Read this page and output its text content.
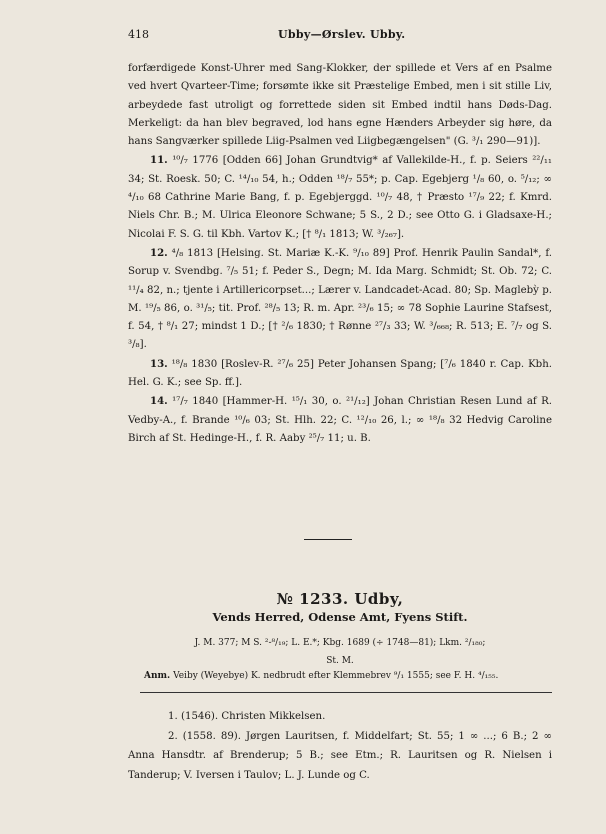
418	Ubby—Ørslev. Ubby.

forfærdigede Konst-Uhrer med Sang-Klokker, der spillede et Vers af en Psalme ved hvert Qvarteer-Time; forsømte ikke sit Præstelige Embed, men i sit stille Liv, arbeydede fast utroligt og forrettede siden sit Embed indtil hans Døds-Dag. Merkeligt: da han blev begraved, lod hans egne Hænders Arbeyder sig høre, da hans Sangværker spillede Liig-Psalmen ved Liigbegængelsen" (G. ³/₁ 290—91)].

11. ¹⁰/₇ 1776 [Odden 66] Johan Grundtvig* af Vallekilde-H., f. p. Seiers ²²/₁₁ 34; St. Roesk. 50; C. ¹⁴/₁₀ 54, h.; Odden ¹⁸/₇ 55*; p. Cap. Egebjerg ¹/₈ 60, o. ⁵/₁₂; ∞ ⁴/₁₀ 68 Cathrine Marie Bang, f. p. Egebjerggd. ¹⁰/₇ 48, † Præsto ¹⁷/₉ 22; f. Kmrd. Niels Chr. B.; M. Ulrica Eleonore Schwane; 5 S., 2 D.; see Otto G. i Gladsaxe-H.; Nicolai F. S. G. til Kbh. Vartov K.; [† ⁸/₁ 1813; W. ³/₂₆₇].

12. ⁴/₈ 1813 [Helsing. St. Mariæ K.-K. ⁹/₁₀ 89] Prof. Henrik Paulin Sandal*, f. Sorup v. Svendbg. ⁷/₅ 51; f. Peder S., Degn; M. Ida Marg. Schmidt; St. Ob. 72; C. ¹¹/₄ 82, n.; tjente i Artillericorpset...; Lærer v. Landcadet-Acad. 80; Sp. Maglebỳ p. M. ¹⁹/₅ 86, o. ³¹/₅; tit. Prof. ²⁸/₅ 13; R. m. Apr. ²³/₆ 15; ∞ 78 Sophie Laurine Stafsest, f. 54, † ⁸/₁ 27; mindst 1 D.; [† ²/₆ 1830; † Rønne ²⁷/₃ 33; W. ³/₆₆₈; R. 513; E. ⁷/₇ og S. ³/₈].

13. ¹⁸/₈ 1830 [Roslev-R. ²⁷/₆ 25] Peter Johansen Spang; [⁷/₆ 1840 r. Cap. Kbh. Hel. G. K.; see Sp. ff.].

14. ¹⁷/₇ 1840 [Hammer-H. ¹⁵/₁ 30, o. ²¹/₁₂] Johan Christian Resen Lund af R. Vedby-A., f. Brande ¹⁰/₆ 03; St. Hlh. 22; C. ¹²/₁₀ 26, l.; ∞ ¹⁸/₈ 32 Hedvig Caroline Birch af St. Hedinge-H., f. R. Aaby ²⁵/₇ 11; u. B.

№ 1233. Udby,
Vends Herred, Odense Amt, Fyens Stift.
J. M. 377; M S. ²-⁸/₁₉; L. E.*; Kbg. 1689 (÷ 1748—81); Lkm. ²/₁₈₀;
St. M.
Anm. Veiby (Weyebye) K. nedbrudt efter Klemmebrev ⁹/₁ 1555; see F. H. ⁴/₁₅₅.

1. (1546). Christen Mikkelsen.

2. (1558. 89). Jørgen Lauritsen, f. Middelfart; St. 55; 1 ∞ ...; 6 B.; 2 ∞ Anna Hansdtr. af Brenderup; 5 B.; see Etm.; R. Lauritsen og R. Nielsen i Tanderup; V. Iversen i Taulov; L. J. Lunde og C.
